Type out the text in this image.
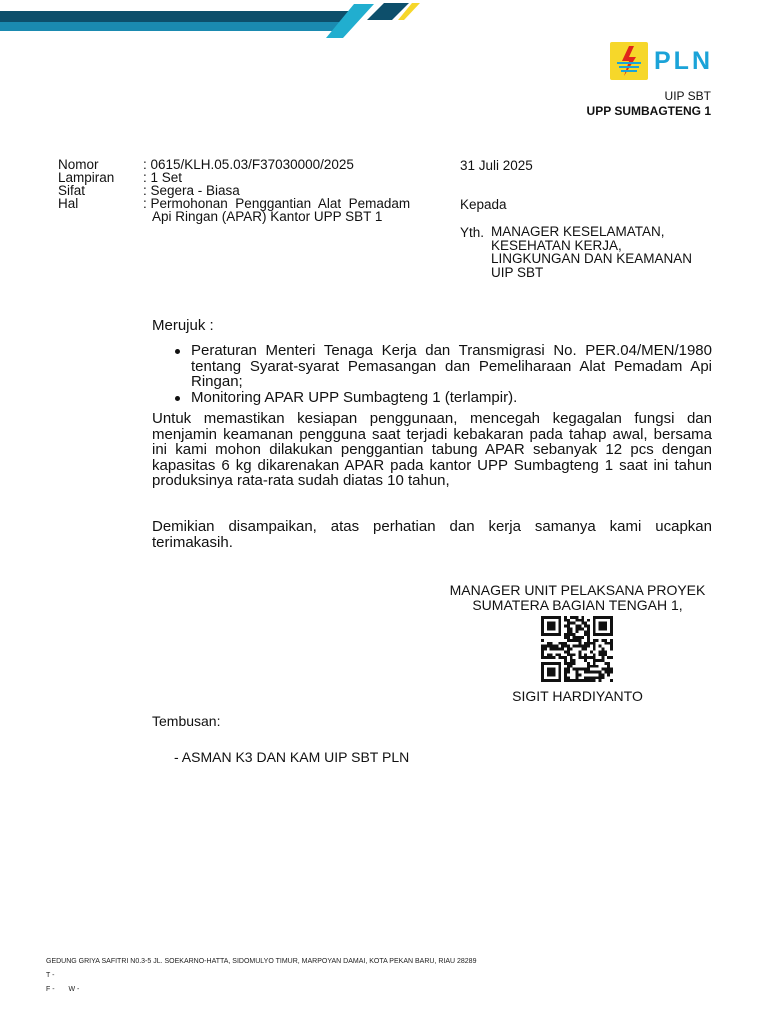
PLN
UIP SBT
UPP SUMBAGTENG 1
Nomor	: 0615/KLH.05.03/F37030000/2025
Lampiran	: 1 Set
Sifat	: Segera - Biasa
Hal	: Permohonan  Penggantian  Alat  Pemadam
Api Ringan (APAR) Kantor UPP SBT 1
31 Juli 2025
Kepada
Yth. MANAGER KESELAMATAN,
KESEHATAN KERJA,
LINGKUNGAN DAN KEAMANAN
UIP SBT
Merujuk :
Peraturan Menteri Tenaga Kerja dan Transmigrasi No. PER.04/MEN/1980 tentang Syarat-syarat Pemasangan dan Pemeliharaan Alat Pemadam Api Ringan;
Monitoring APAR UPP Sumbagteng 1 (terlampir).
Untuk memastikan kesiapan penggunaan, mencegah kegagalan fungsi dan menjamin keamanan pengguna saat terjadi kebakaran pada tahap awal, bersama ini kami mohon dilakukan penggantian tabung APAR sebanyak 12 pcs dengan kapasitas 6 kg dikarenakan APAR pada kantor UPP Sumbagteng 1 saat ini tahun produksinya rata-rata sudah diatas 10 tahun,
Demikian disampaikan, atas perhatian dan kerja samanya kami ucapkan terimakasih.
MANAGER UNIT PELAKSANA PROYEK
SUMATERA BAGIAN TENGAH 1,
SIGIT HARDIYANTO
Tembusan:
- ASMAN K3 DAN KAM UIP SBT PLN
GEDUNG GRIYA SAFITRI N0.3-5 JL. SOEKARNO-HATTA, SIDOMULYO TIMUR, MARPOYAN DAMAI, KOTA PEKAN BARU, RIAU 28289
T -
F - W -
